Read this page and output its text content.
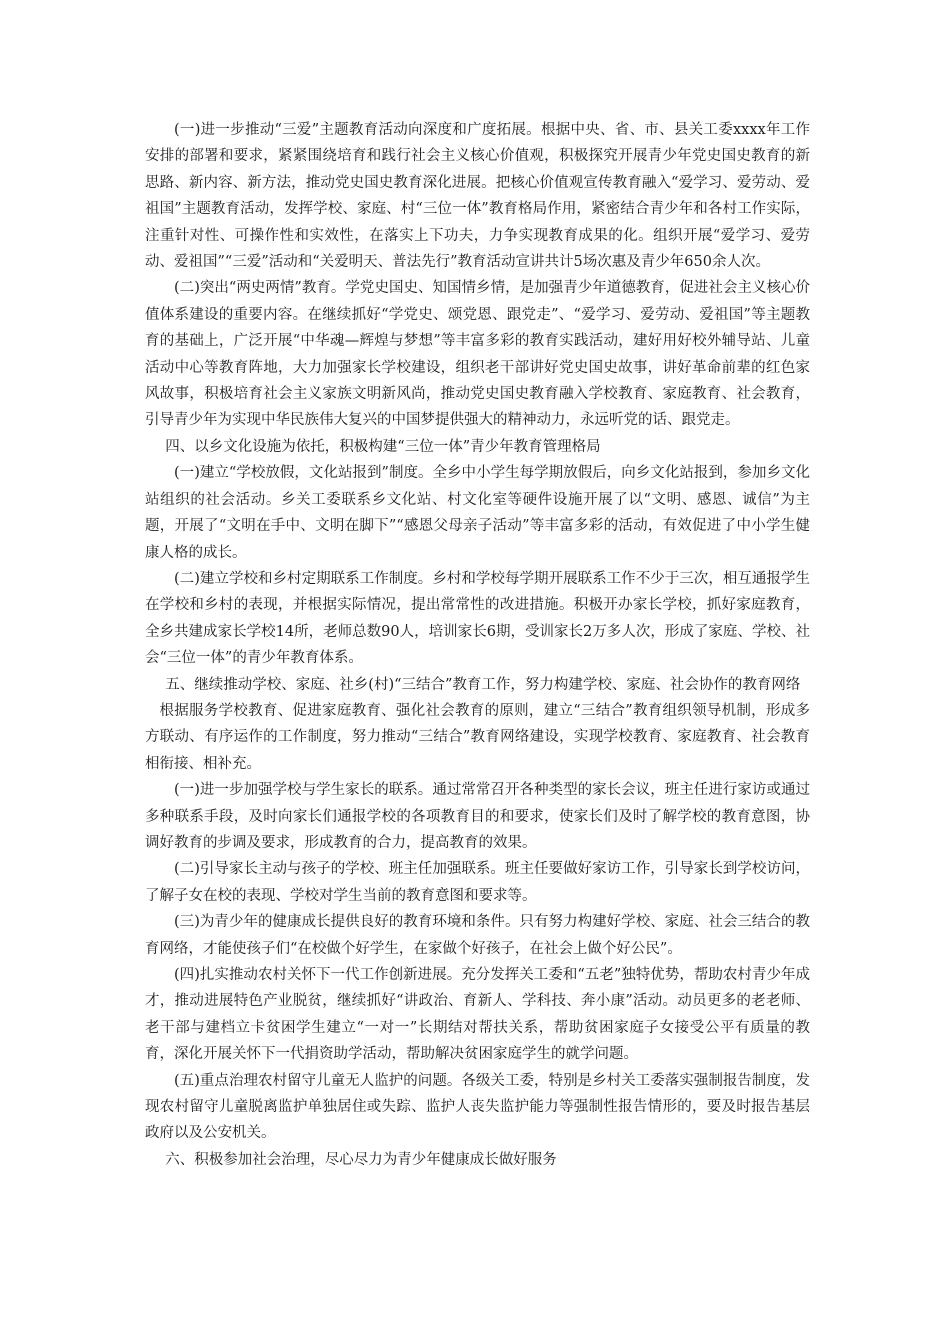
(一)进一步推动“三爱”主题教育活动向深度和广度拓展。根据中央、省、市、县关工委xxxx年工作安排的部署和要求，紧紧围绕培育和践行社会主义核心价值观，积极探究开展青少年党史国史教育的新思路、新内容、新方法，推动党史国史教育深化进展。把核心价值观宣传教育融入“爱学习、爱劳动、爱祖国”主题教育活动，发挥学校、家庭、村“三位一体”教育格局作用，紧密结合青少年和各村工作实际，注重针对性、可操作性和实效性，在落实上下功夫，力争实现教育成果的化。组织开展“爱学习、爱劳动、爱祖国”“三爱”活动和“关爱明天、普法先行”教育活动宣讲共计5场次惠及青少年650余人次。

(二)突出“两史两情”教育。学党史国史、知国情乡情，是加强青少年道德教育，促进社会主义核心价值体系建设的重要内容。在继续抓好“学党史、颂党恩、跟党走”、“爱学习、爱劳动、爱祖国”等主题教育的基础上，广泛开展“中华魂—辉煌与梦想”等丰富多彩的教育实践活动，建好用好校外辅导站、儿童活动中心等教育阵地，大力加强家长学校建设，组织老干部讲好党史国史故事，讲好革命前辈的红色家风故事，积极培育社会主义家族文明新风尚，推动党史国史教育融入学校教育、家庭教育、社会教育，引导青少年为实现中华民族伟大复兴的中国梦提供强大的精神动力，永远听党的话、跟党走。

四、以乡文化设施为依托，积极构建“三位一体”青少年教育管理格局

(一)建立“学校放假，文化站报到”制度。全乡中小学生每学期放假后，向乡文化站报到，参加乡文化站组织的社会活动。乡关工委联系乡文化站、村文化室等硬件设施开展了以“文明、感恩、诚信”为主题，开展了“文明在手中、文明在脚下”“感恩父母亲子活动”等丰富多彩的活动，有效促进了中小学生健康人格的成长。

(二)建立学校和乡村定期联系工作制度。乡村和学校每学期开展联系工作不少于三次，相互通报学生在学校和乡村的表现，并根据实际情况，提出常常性的改进措施。积极开办家长学校，抓好家庭教育，全乡共建成家长学校14所，老师总数90人，培训家长6期，受训家长2万多人次，形成了家庭、学校、社会“三位一体”的青少年教育体系。

五、继续推动学校、家庭、社乡(村)“三结合”教育工作，努力构建学校、家庭、社会协作的教育网络

根据服务学校教育、促进家庭教育、强化社会教育的原则，建立“三结合”教育组织领导机制，形成多方联动、有序运作的工作制度，努力推动“三结合”教育网络建设，实现学校教育、家庭教育、社会教育相衔接、相补充。

(一)进一步加强学校与学生家长的联系。通过常常召开各种类型的家长会议，班主任进行家访或通过多种联系手段，及时向家长们通报学校的各项教育目的和要求，使家长们及时了解学校的教育意图，协调好教育的步调及要求，形成教育的合力，提高教育的效果。

(二)引导家长主动与孩子的学校、班主任加强联系。班主任要做好家访工作，引导家长到学校访问，了解子女在校的表现、学校对学生当前的教育意图和要求等。

(三)为青少年的健康成长提供良好的教育环境和条件。只有努力构建好学校、家庭、社会三结合的教育网络，才能使孩子们“在校做个好学生，在家做个好孩子，在社会上做个好公民”。

(四)扎实推动农村关怀下一代工作创新进展。充分发挥关工委和“五老”独特优势，帮助农村青少年成才，推动进展特色产业脱贫，继续抓好“讲政治、育新人、学科技、奔小康”活动。动员更多的老老师、老干部与建档立卡贫困学生建立“一对一”长期结对帮扶关系，帮助贫困家庭子女接受公平有质量的教育，深化开展关怀下一代捐资助学活动，帮助解决贫困家庭学生的就学问题。

(五)重点治理农村留守儿童无人监护的问题。各级关工委，特别是乡村关工委落实强制报告制度，发现农村留守儿童脱离监护单独居住或失踪、监护人丧失监护能力等强制性报告情形的，要及时报告基层政府以及公安机关。

六、积极参加社会治理，尽心尽力为青少年健康成长做好服务
